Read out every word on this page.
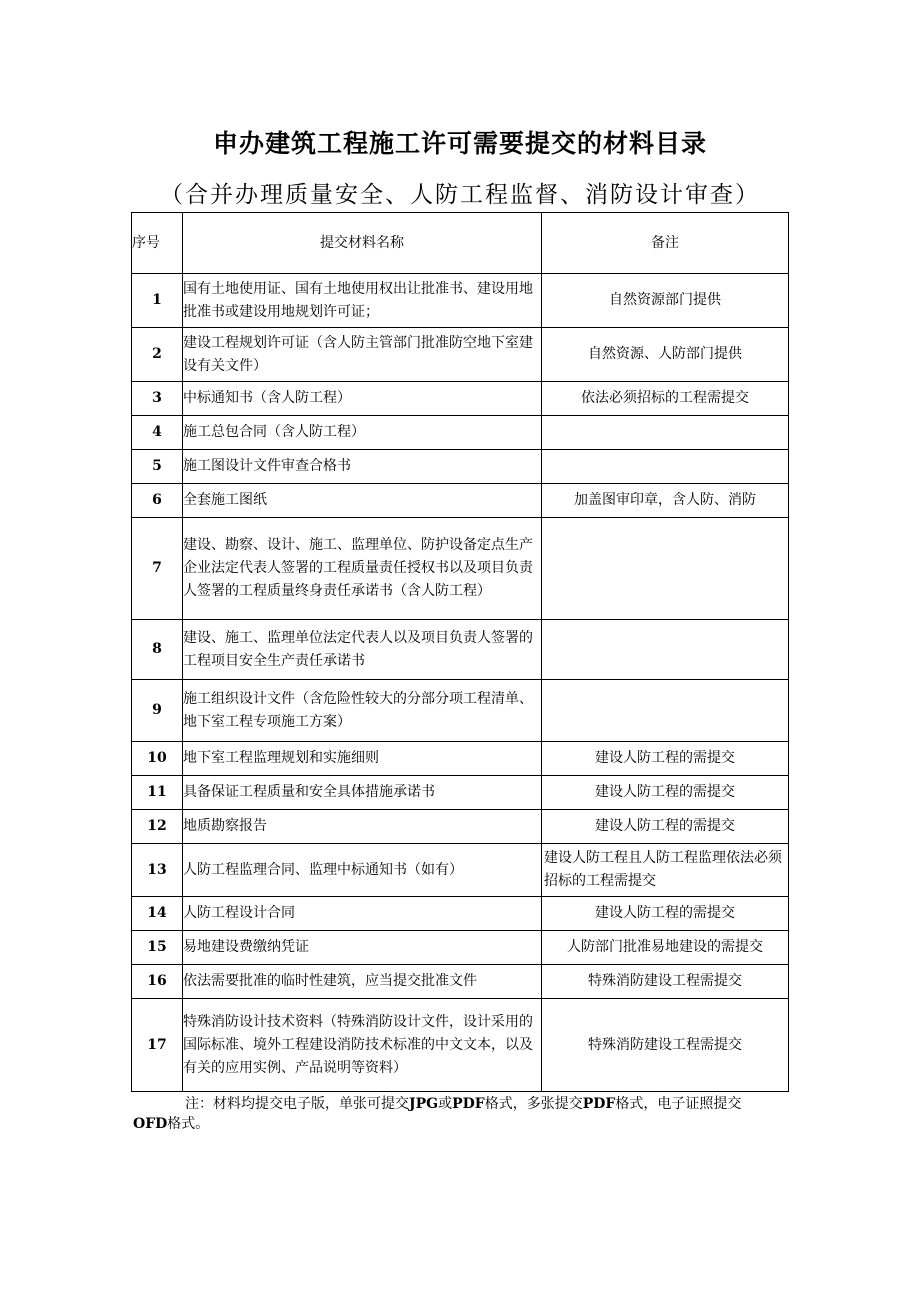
申办建筑工程施工许可需要提交的材料目录
（合并办理质量安全、人防工程监督、消防设计审查）
序号	提交材料名称	备注
1	国有土地使用证、国有土地使用权出让批准书、建设用地批准书或建设用地规划许可证；	自然资源部门提供
2	建设工程规划许可证（含人防主管部门批准防空地下室建设有关文件）	自然资源、人防部门提供
3	中标通知书（含人防工程）	依法必须招标的工程需提交
4	施工总包合同（含人防工程）	
5	施工图设计文件审查合格书	
6	全套施工图纸	加盖图审印章，含人防、消防
7	建设、勘察、设计、施工、监理单位、防护设备定点生产企业法定代表人签署的工程质量责任授权书以及项目负责人签署的工程质量终身责任承诺书（含人防工程）	
8	建设、施工、监理单位法定代表人以及项目负责人签署的工程项目安全生产责任承诺书	
9	施工组织设计文件（含危险性较大的分部分项工程清单、地下室工程专项施工方案）	
10	地下室工程监理规划和实施细则	建设人防工程的需提交
11	具备保证工程质量和安全具体措施承诺书	建设人防工程的需提交
12	地质勘察报告	建设人防工程的需提交
13	人防工程监理合同、监理中标通知书（如有）	建设人防工程且人防工程监理依法必须招标的工程需提交
14	人防工程设计合同	建设人防工程的需提交
15	易地建设费缴纳凭证	人防部门批准易地建设的需提交
16	依法需要批准的临时性建筑，应当提交批准文件	特殊消防建设工程需提交
17	特殊消防设计技术资料（特殊消防设计文件，设计采用的国际标准、境外工程建设消防技术标准的中文文本，以及有关的应用实例、产品说明等资料）	特殊消防建设工程需提交
注：材料均提交电子版，单张可提交JPG或PDF格式，多张提交PDF格式，电子证照提交OFD格式。
